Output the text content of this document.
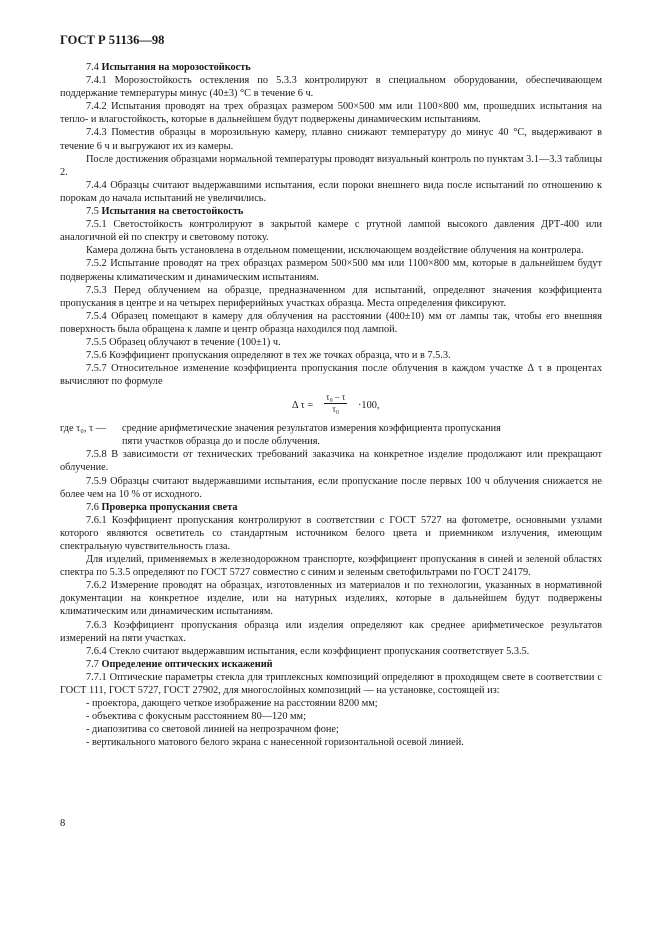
ГОСТ Р 51136—98

7.4 Испытания на морозостойкость

7.4.1 Морозостойкость остекления по 5.3.3 контролируют в специальном оборудовании, обеспечивающем поддержание температуры минус (40±3) °С в течение 6 ч.

7.4.2 Испытания проводят на трех образцах размером 500×500 мм или 1100×800 мм, прошедших испытания на тепло- и влагостойкость, которые в дальнейшем будут подвержены динамическим испытаниям.

7.4.3 Поместив образцы в морозильную камеру, плавно снижают температуру до минус 40 °С, выдерживают в течение 6 ч и выгружают их из камеры.

После достижения образцами нормальной температуры проводят визуальный контроль по пунктам 3.1—3.3 таблицы 2.

7.4.4 Образцы считают выдержавшими испытания, если пороки внешнего вида после испытаний по отношению к порокам до начала испытаний не увеличились.

7.5 Испытания на светостойкость

7.5.1 Светостойкость контролируют в закрытой камере с ртутной лампой высокого давления ДРТ-400 или аналогичной ей по спектру и световому потоку.

Камера должна быть установлена в отдельном помещении, исключающем воздействие облучения на контролера.

7.5.2 Испытание проводят на трех образцах размером 500×500 мм или 1100×800 мм, которые в дальнейшем будут подвержены климатическим и динамическим испытаниям.

7.5.3 Перед облучением на образце, предназначенном для испытаний, определяют значения коэффициента пропускания в центре и на четырех периферийных участках образца. Места определения фиксируют.

7.5.4 Образец помещают в камеру для облучения на расстоянии (400±10) мм от лампы так, чтобы его внешняя поверхность была обращена к лампе и центр образца находился под лампой.

7.5.5 Образец облучают в течение (100±1) ч.

7.5.6 Коэффициент пропускания определяют в тех же точках образца, что и в 7.5.3.

7.5.7 Относительное изменение коэффициента пропускания после облучения в каждом участке Δ τ в процентах вычисляют по формуле

Δ $\tau = \frac{\text{τ₀ – τ}}{\text{τ₀}} \cdot 100$,
где τ₀, τ — средние арифметические значения результатов измерения коэффициента пропускания
пяти участков образца до и после облучения.

7.5.8 В зависимости от технических требований заказчика на конкретное изделие продолжают или прекращают облучение.

7.5.9 Образцы считают выдержавшими испытания, если пропускание после первых 100 ч облучения снижается не более чем на 10 % от исходного.

7.6 Проверка пропускания света

7.6.1 Коэффициент пропускания контролируют в соответствии с ГОСТ 5727 на фотометре, основными узлами которого являются осветитель со стандартным источником белого цвета и приемником излучения, имеющим спектральную чувствительность глаза.

Для изделий, применяемых в железнодорожном транспорте, коэффициент пропускания в синей и зеленой областях спектра по 5.3.5 определяют по ГОСТ 5727 совместно с синим и зеленым светофильтрами по ГОСТ 24179.

7.6.2 Измерение проводят на образцах, изготовленных из материалов и по технологии, указанных в нормативной документации на конкретное изделие, или на натурных изделиях, которые в дальнейшем будут подвержены климатическим или динамическим испытаниям.

7.6.3 Коэффициент пропускания образца или изделия определяют как среднее арифметическое результатов измерений на пяти участках.

7.6.4 Стекло считают выдержавшим испытания, если коэффициент пропускания соответствует 5.3.5.

7.7 Определение оптических искажений

7.7.1 Оптические параметры стекла для триплексных композиций определяют в проходящем свете в соответствии с ГОСТ 111, ГОСТ 5727, ГОСТ 27902, для многослойных композиций — на установке, состоящей из:

- проектора, дающего четкое изображение на расстоянии 8200 мм;

- объектива с фокусным расстоянием 80—120 мм;

- диапозитива со световой линией на непрозрачном фоне;

- вертикального матового белого экрана с нанесенной горизонтальной осевой линией.

8
